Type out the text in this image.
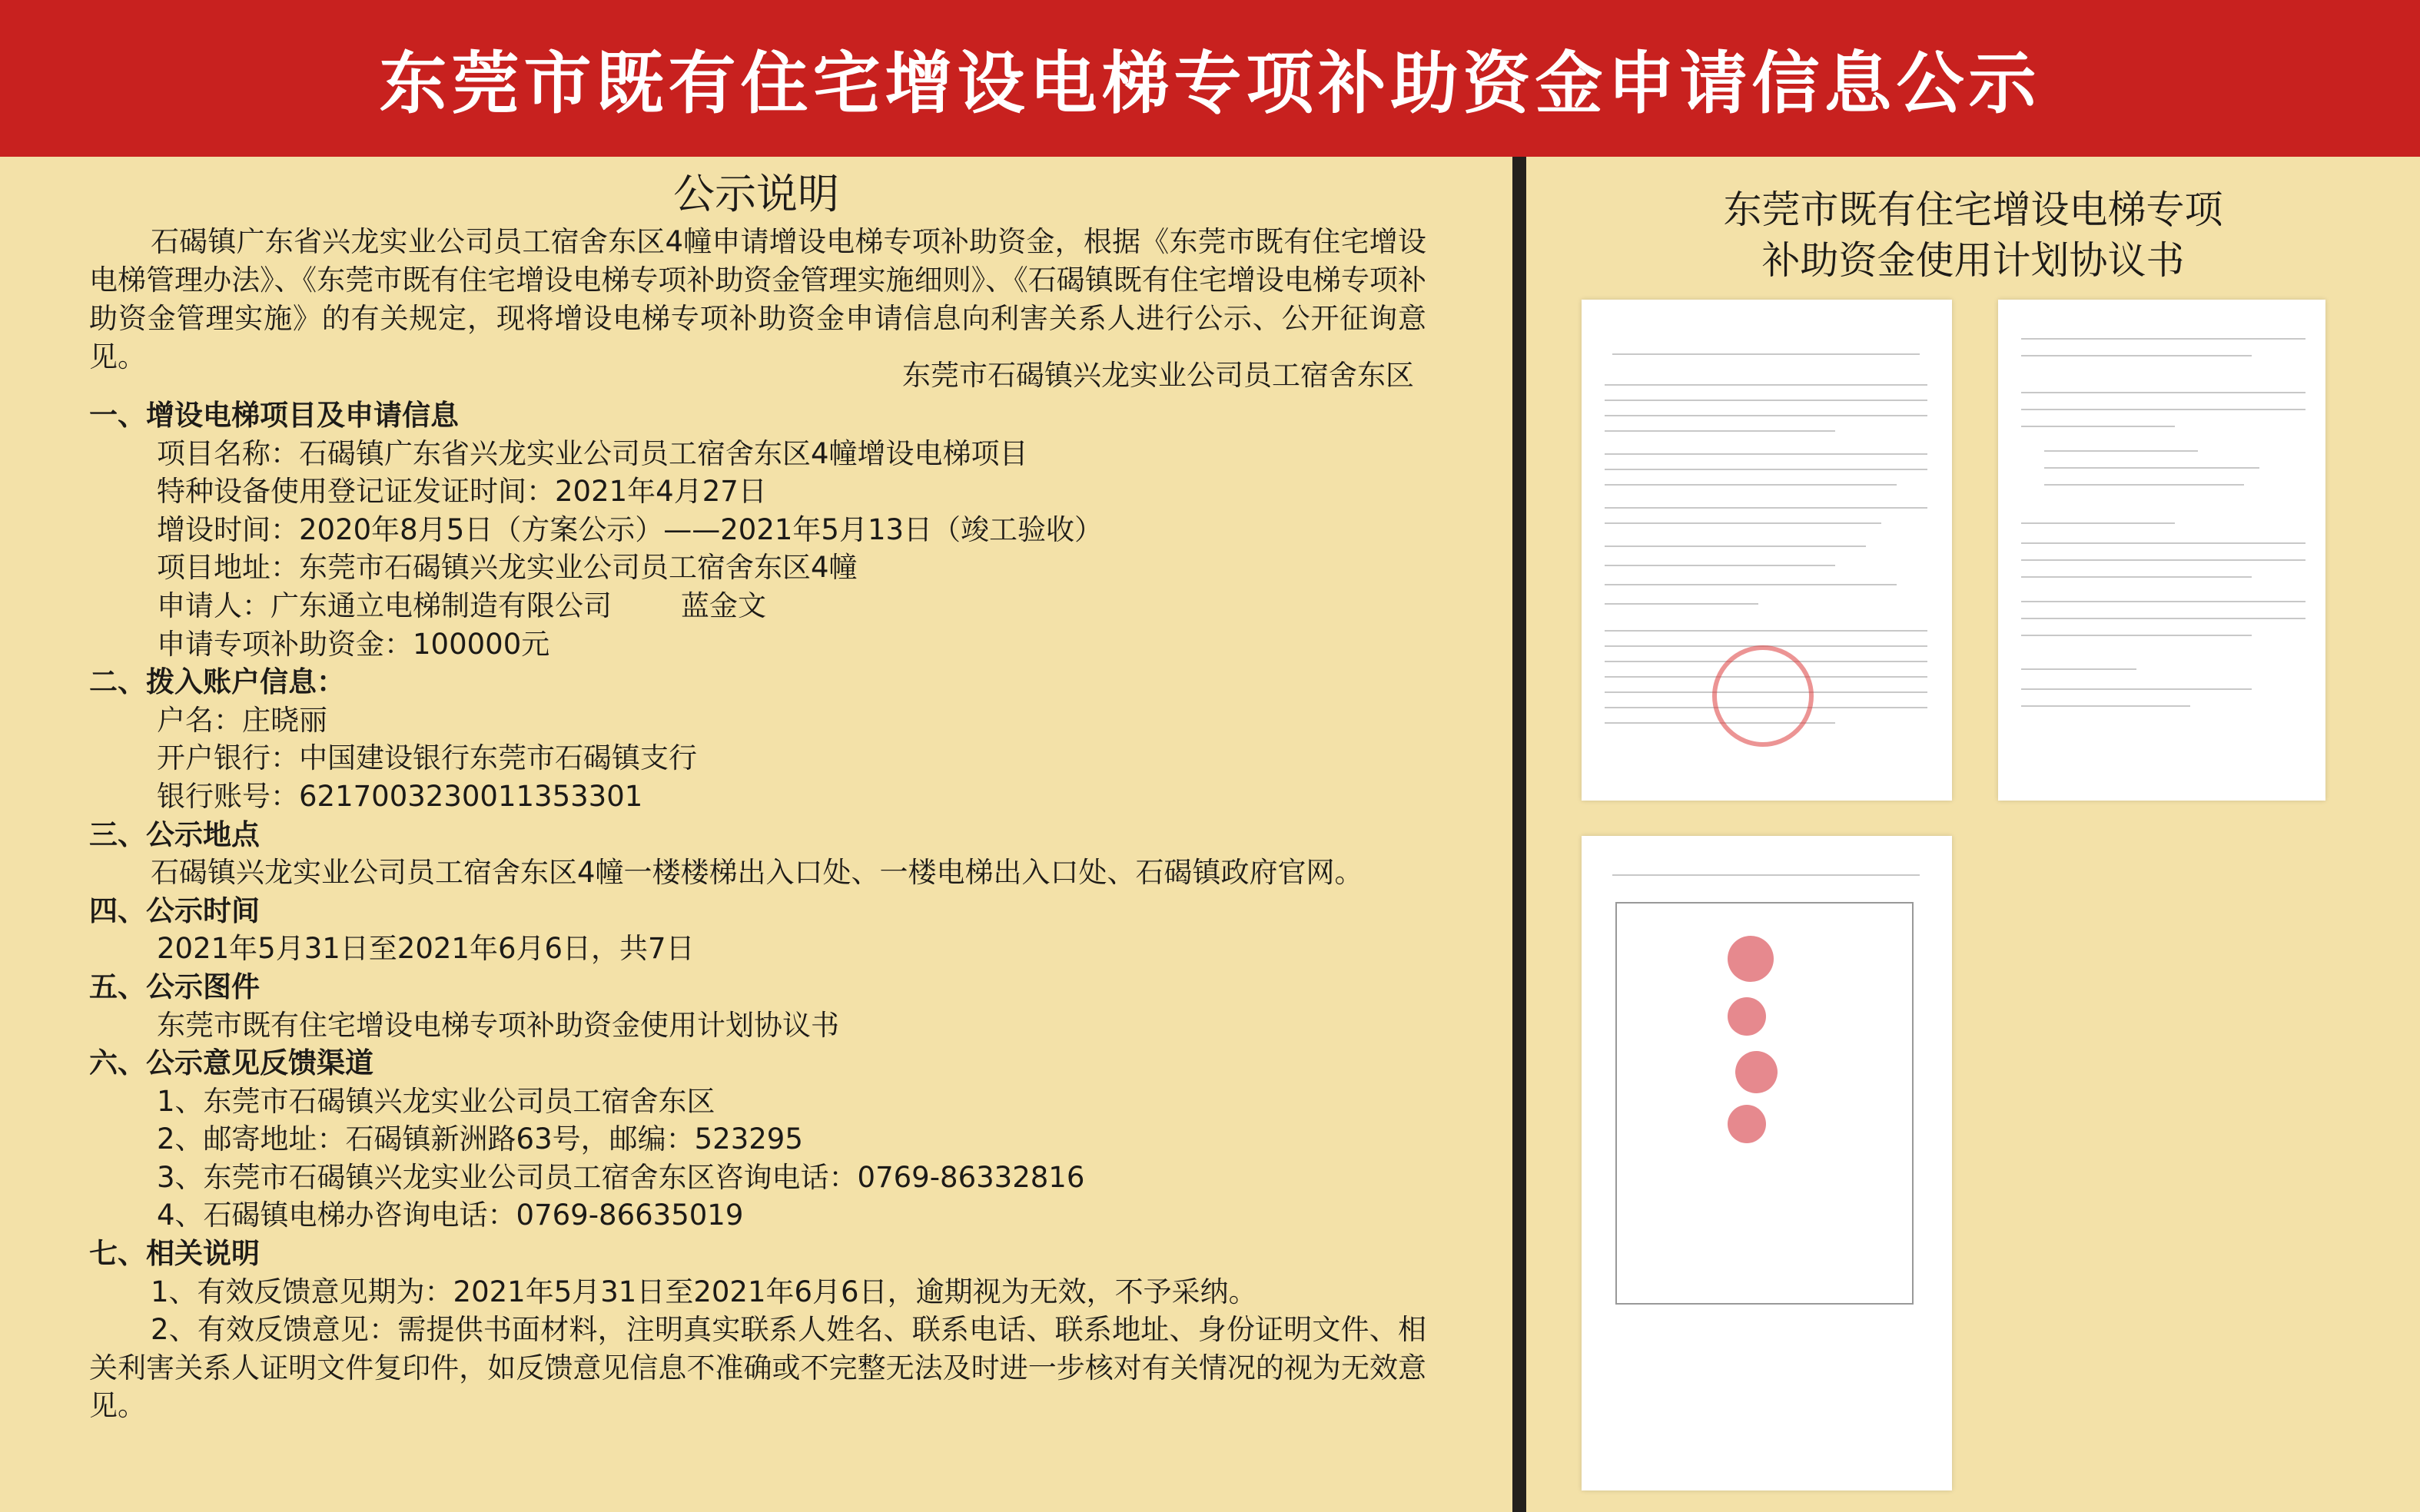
东莞市既有住宅增设电梯专项补助资金申请信息公示
公示说明

石碣镇广东省兴龙实业公司员工宿舍东区4幢申请增设电梯专项补助资金，根据《东莞市既有住宅增设电梯管理办法》、《东莞市既有住宅增设电梯专项补助资金管理实施细则》、《石碣镇既有住宅增设电梯专项补助资金管理实施》的有关规定，现将增设电梯专项补助资金申请信息向利害关系人进行公示、公开征询意见。

东莞市石碣镇兴龙实业公司员工宿舍东区

一、增设电梯项目及申请信息

项目名称：石碣镇广东省兴龙实业公司员工宿舍东区4幢增设电梯项目

特种设备使用登记证发证时间：2021年4月27日

增设时间：2020年8月5日（方案公示）——2021年5月13日（竣工验收）

项目地址：东莞市石碣镇兴龙实业公司员工宿舍东区4幢

申请人：广东通立电梯制造有限公司 蓝金文

申请专项补助资金：100000元

二、拨入账户信息：

户名：庄晓丽

开户银行：中国建设银行东莞市石碣镇支行

银行账号：6217003230011353301

三、公示地点

石碣镇兴龙实业公司员工宿舍东区4幢一楼楼梯出入口处、一楼电梯出入口处、石碣镇政府官网。

四、公示时间

2021年5月31日至2021年6月6日，共7日

五、公示图件

东莞市既有住宅增设电梯专项补助资金使用计划协议书

六、公示意见反馈渠道

1、东莞市石碣镇兴龙实业公司员工宿舍东区

2、邮寄地址：石碣镇新洲路63号，邮编：523295

3、东莞市石碣镇兴龙实业公司员工宿舍东区咨询电话：0769-86332816

4、石碣镇电梯办咨询电话：0769-86635019

七、相关说明

1、有效反馈意见期为：2021年5月31日至2021年6月6日，逾期视为无效，不予采纳。

2、有效反馈意见：需提供书面材料，注明真实联系人姓名、联系电话、联系地址、身份证明文件、相关利害关系人证明文件复印件，如反馈意见信息不准确或不完整无法及时进一步核对有关情况的视为无效意见。

东莞市既有住宅增设电梯专项
补助资金使用计划协议书
